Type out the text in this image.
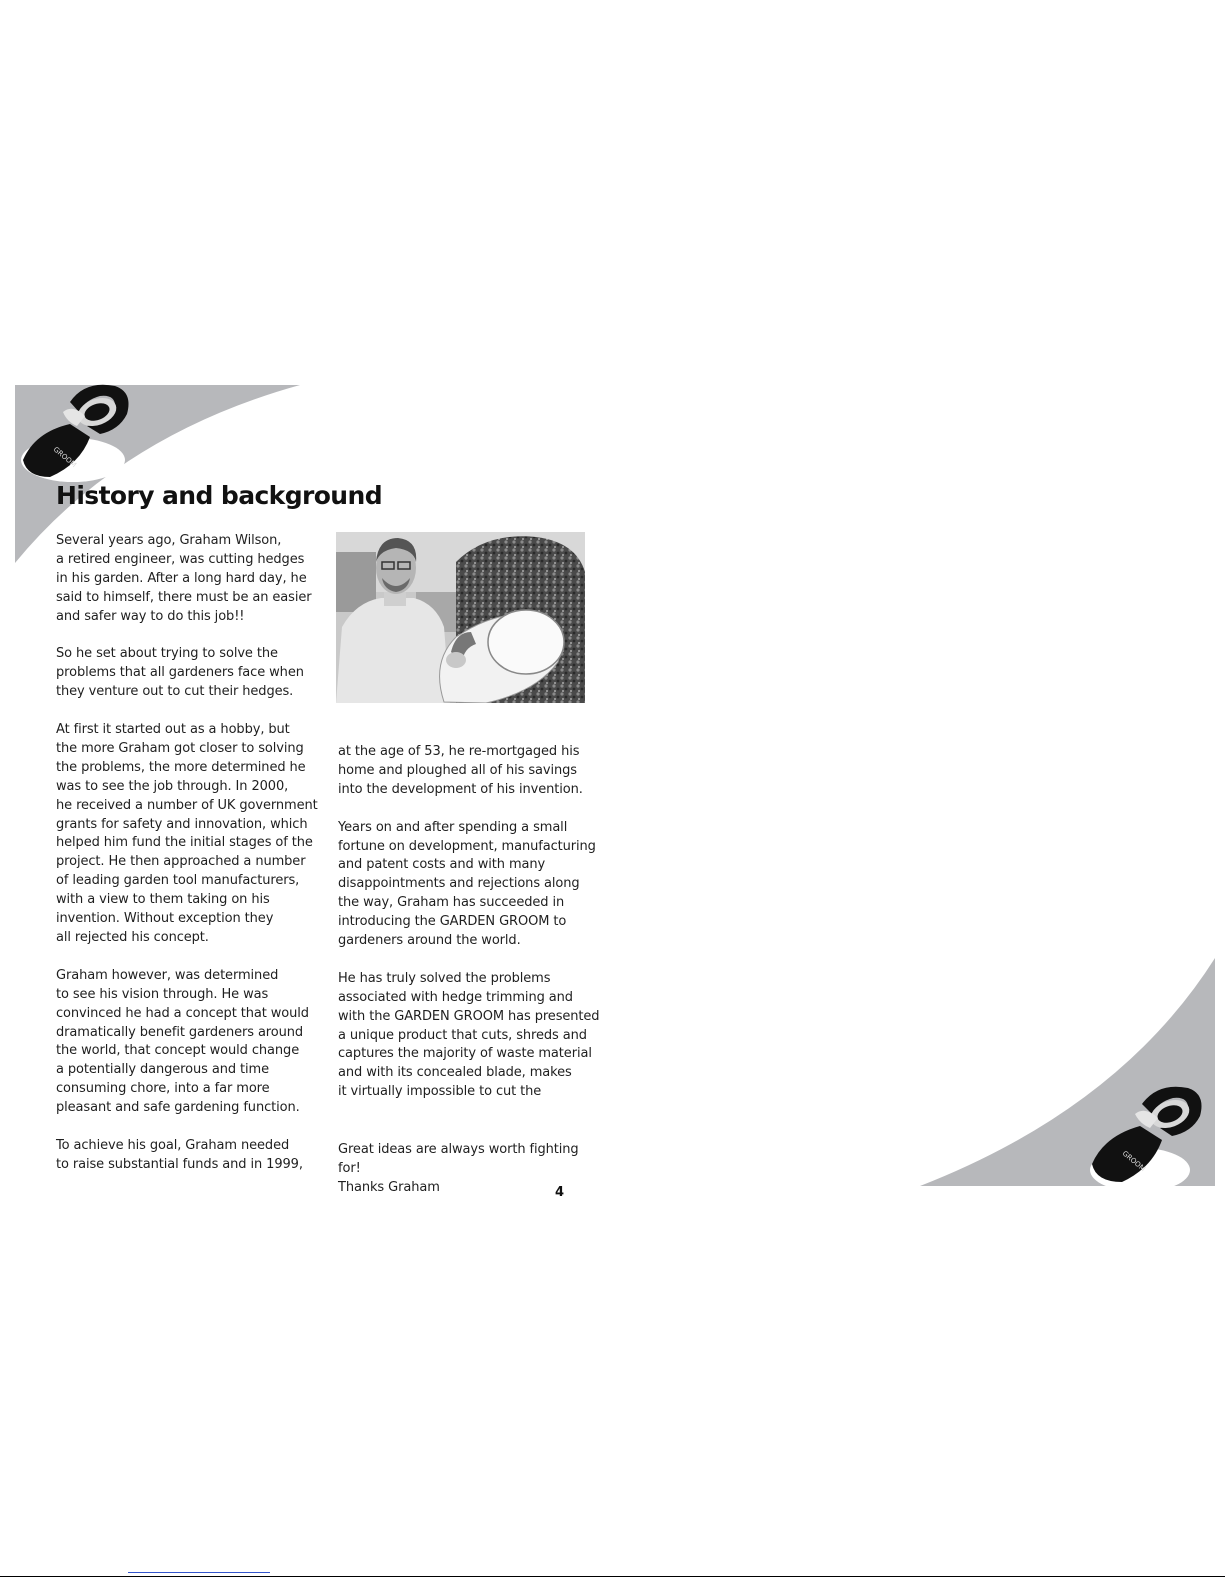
GROOM
GROOM
History and background

Several years ago, Graham Wilson,
a retired engineer, was cutting hedges
in his garden. After a long hard day, he
said to himself, there must be an easier
and safer way to do this job!!

So he set about trying to solve the
problems that all gardeners face when
they venture out to cut their hedges.

At first it started out as a hobby, but
the more Graham got closer to solving
the problems, the more determined he
was to see the job through. In 2000,
he received a number of UK government
grants for safety and innovation, which
helped him fund the initial stages of the
project. He then approached a number
of leading garden tool manufacturers,
with a view to them taking on his
invention. Without exception they
all rejected his concept.

Graham however, was determined
to see his vision through. He was
convinced he had a concept that would
dramatically benefit gardeners around
the world, that concept would change
a potentially dangerous and time
consuming chore, into a far more
pleasant and safe gardening function.

To achieve his goal, Graham needed
to raise substantial funds and in 1999,

at the age of 53, he re-mortgaged his
home and ploughed all of his savings
into the development of his invention.

Years on and after spending a small
fortune on development, manufacturing
and patent costs and with many
disappointments and rejections along
the way, Graham has succeeded in
introducing the GARDEN GROOM to
gardeners around the world.

He has truly solved the problems
associated with hedge trimming and
with the GARDEN GROOM has presented
a unique product that cuts, shreds and
captures the majority of waste material
and with its concealed blade, makes
it virtually impossible to cut the

Great ideas are always worth fighting for!
Thanks Graham	4
